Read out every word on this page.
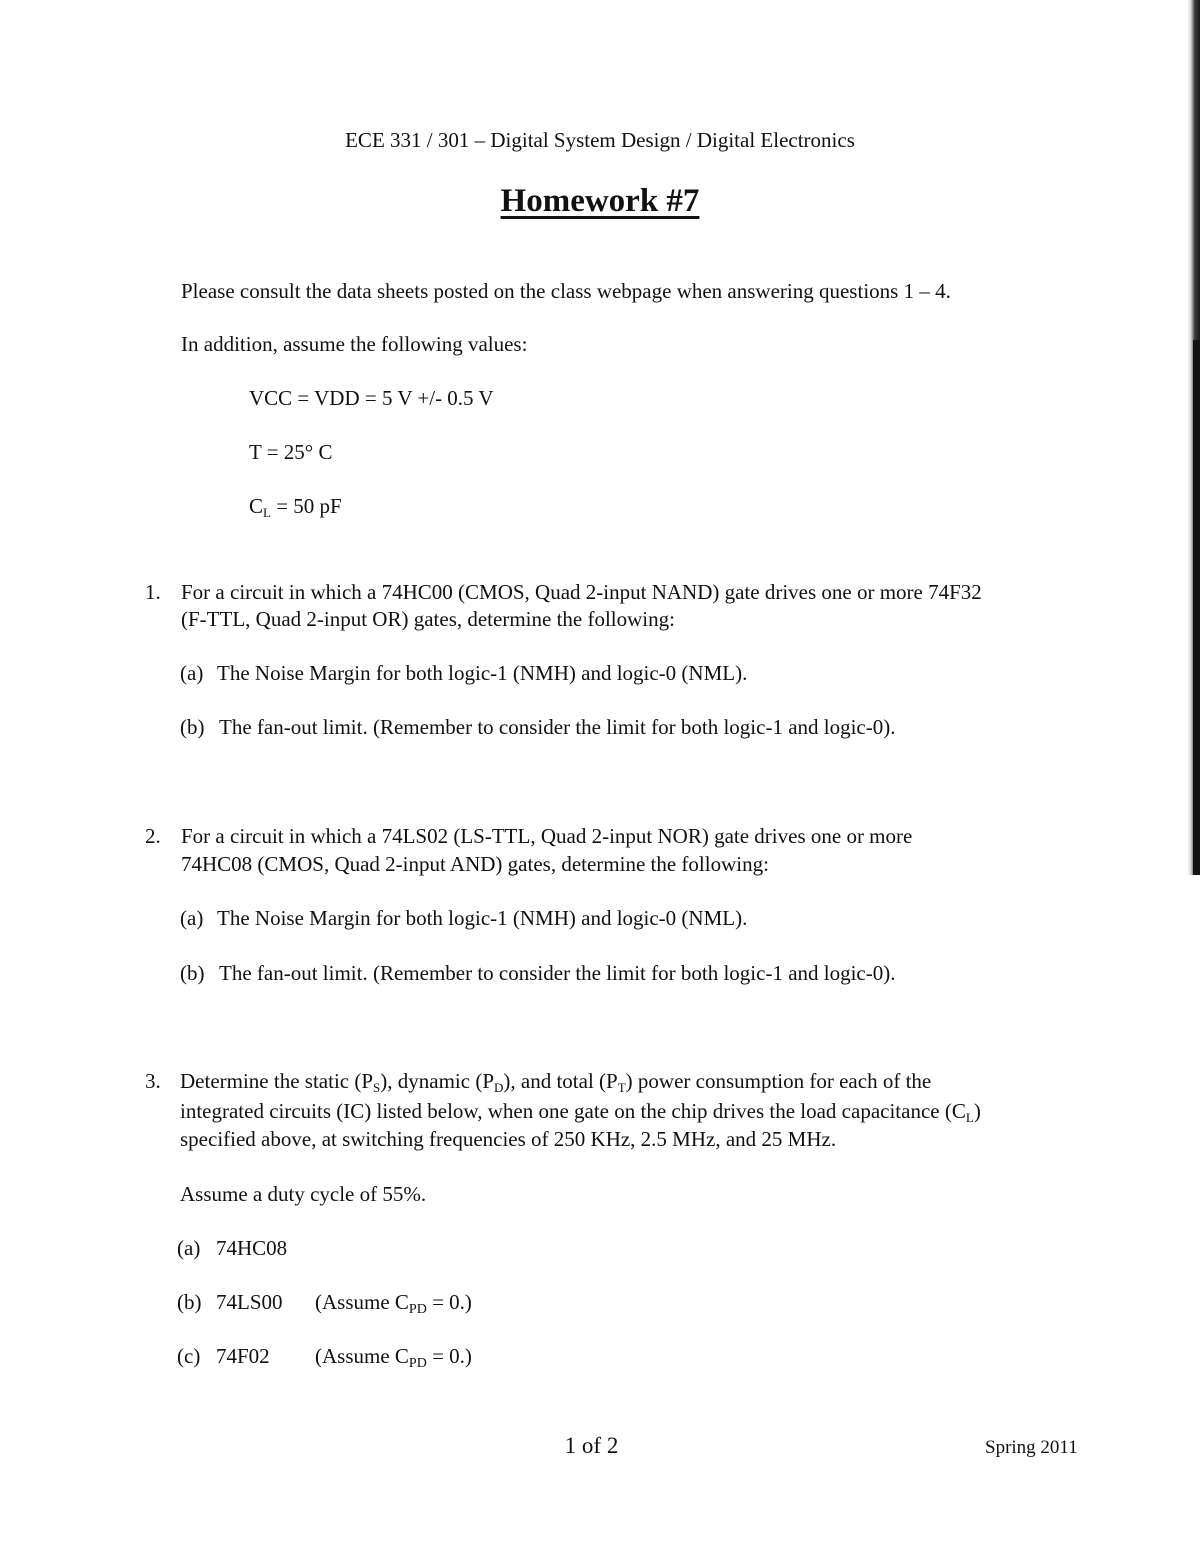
ECE 331 / 301 – Digital System Design / Digital Electronics
Homework #7
Please consult the data sheets posted on the class webpage when answering questions 1 – 4.
In addition, assume the following values:
VCC = VDD = 5 V +/- 0.5 V
T = 25° C
$C_L = 50$ pF
1. For a circuit in which a 74HC00 (CMOS, Quad 2-input NAND) gate drives one or more 74F32
(F-TTL, Quad 2-input OR) gates, determine the following:
(a) The Noise Margin for both logic-1 (NMH) and logic-0 (NML).
(b) The fan-out limit. (Remember to consider the limit for both logic-1 and logic-0).
2. For a circuit in which a 74LS02 (LS-TTL, Quad 2-input NOR) gate drives one or more
74HC08 (CMOS, Quad 2-input AND) gates, determine the following:
(a) The Noise Margin for both logic-1 (NMH) and logic-0 (NML).
(b) The fan-out limit. (Remember to consider the limit for both logic-1 and logic-0).
3. Determine the static $(P_S)$, dynamic $(P_D)$, and total $(P_T)$ power consumption for each of the
integrated circuits (IC) listed below, when one gate on the chip drives the load capacitance $(C_L)$
specified above, at switching frequencies of 250 KHz, 2.5 MHz, and 25 MHz.
Assume a duty cycle of 55%.
(a) 74HC08
(b) 74LS00 (Assume $C_{PD} = 0$.)
(c) 74F02 (Assume $C_{PD} = 0$.)
1 of 2	Spring 2011
